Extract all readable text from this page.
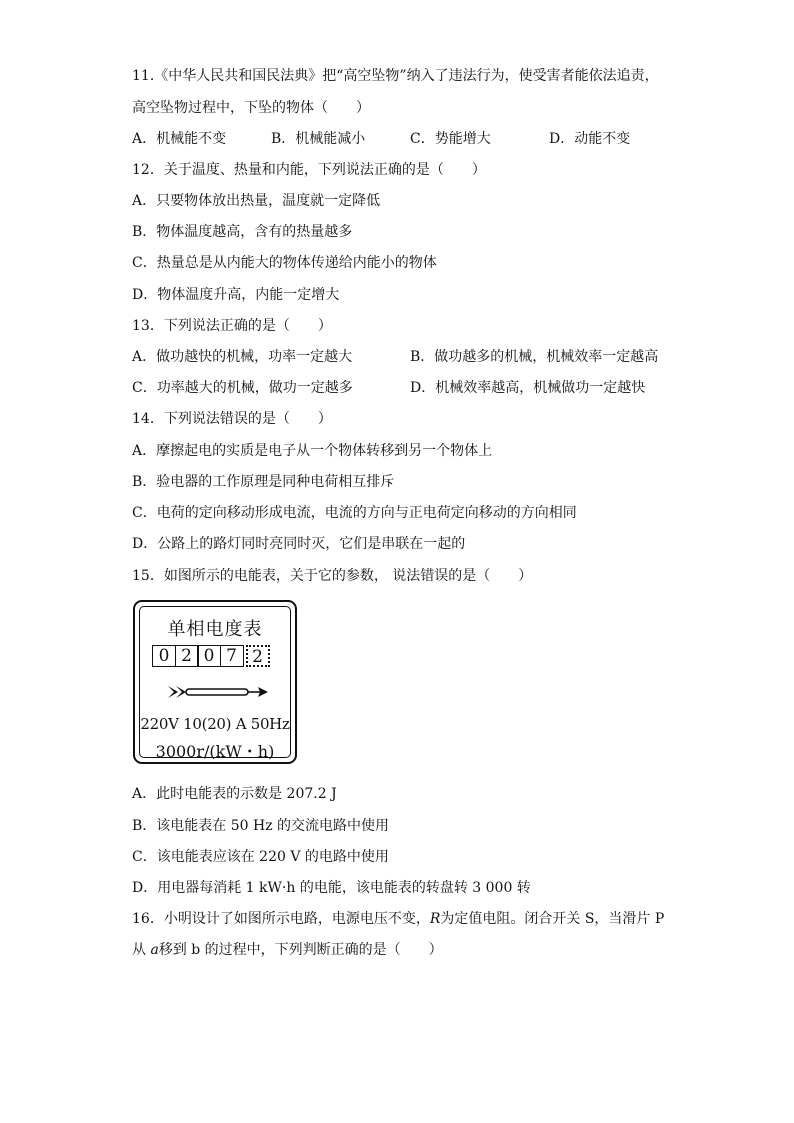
11.《中华人民共和国民法典》把“高空坠物”纳入了违法行为，使受害者能依法追责，
高空坠物过程中，下坠的物体（　　）
A．机械能不变	B．机械能减小	C．势能增大	D．动能不变
12．关于温度、热量和内能，下列说法正确的是（　　）
A．只要物体放出热量，温度就一定降低
B．物体温度越高，含有的热量越多
C．热量总是从内能大的物体传递给内能小的物体
D．物体温度升高，内能一定增大
13．下列说法正确的是（　　）
A．做功越快的机械，功率一定越大	B．做功越多的机械，机械效率一定越高
C．功率越大的机械，做功一定越多	D．机械效率越高，机械做功一定越快
14．下列说法错误的是（　　）
A．摩擦起电的实质是电子从一个物体转移到另一个物体上
B．验电器的工作原理是同种电荷相互排斥
C．电荷的定向移动形成电流，电流的方向与正电荷定向移动的方向相同
D．公路上的路灯同时亮同时灭，它们是串联在一起的
15．如图所示的电能表，关于它的参数， 说法错误的是（　　）
单相电度表
0 2 0 7 2
220V 10(20) A 50Hz
3000r/(kW・h)
A．此时电能表的示数是 207.2 J
B．该电能表在 50 Hz 的交流电路中使用
C．该电能表应该在 220 V 的电路中使用
D．用电器每消耗 1 kW·h 的电能，该电能表的转盘转 3 000 转
16．小明设计了如图所示电路，电源电压不变，R为定值电阻。闭合开关 S，当滑片 P
从 a移到 b 的过程中，下列判断正确的是（　　）
